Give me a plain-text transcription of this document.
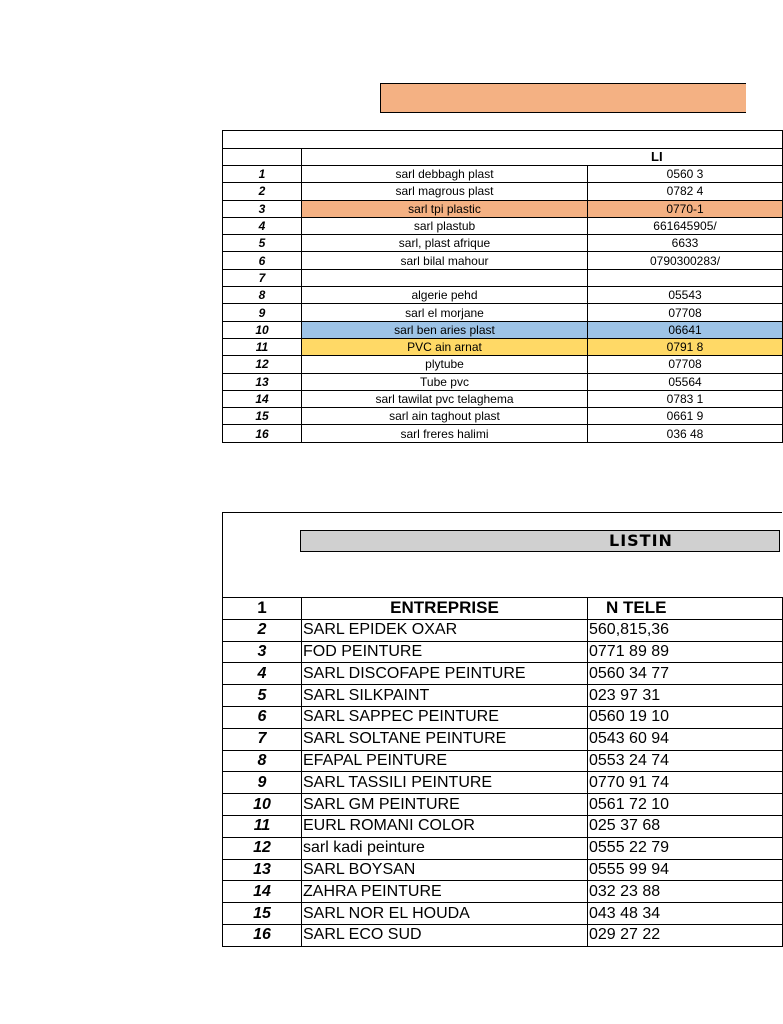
	LI	
1	sarl debbagh plast	0560 3
2	sarl magrous plast	0782 4
3	sarl tpi plastic	0770-1
4	sarl plastub	661645905/
5	sarl, plast afrique	6633
6	sarl bilal mahour	0790300283/
7		
8	algerie pehd	05543
9	sarl el morjane	07708
10	sarl ben aries plast	06641
11	PVC ain arnat	0791 8
12	plytube	07708
13	Tube pvc	05564
14	sarl tawilat pvc telaghema	0783 1
15	sarl ain taghout plast	0661 9
16	sarl freres halimi	036 48
LISTIN
1	ENTREPRISE	N TELE
2	SARL EPIDEK OXAR	560,815,36
3	FOD PEINTURE	0771 89 89
4	SARL DISCOFAPE PEINTURE	0560 34 77
5	SARL SILKPAINT	023 97 31
6	SARL SAPPEC PEINTURE	0560 19 10
7	SARL SOLTANE PEINTURE	0543 60 94
8	EFAPAL PEINTURE	0553 24 74
9	SARL TASSILI PEINTURE	0770 91 74
10	SARL GM PEINTURE	0561 72 10
11	EURL ROMANI COLOR	025 37 68
12	sarl kadi peinture	0555 22 79
13	SARL BOYSAN	0555 99 94
14	ZAHRA PEINTURE	032 23 88
15	SARL NOR EL HOUDA	043 48 34
16	SARL ECO SUD	029 27 22
